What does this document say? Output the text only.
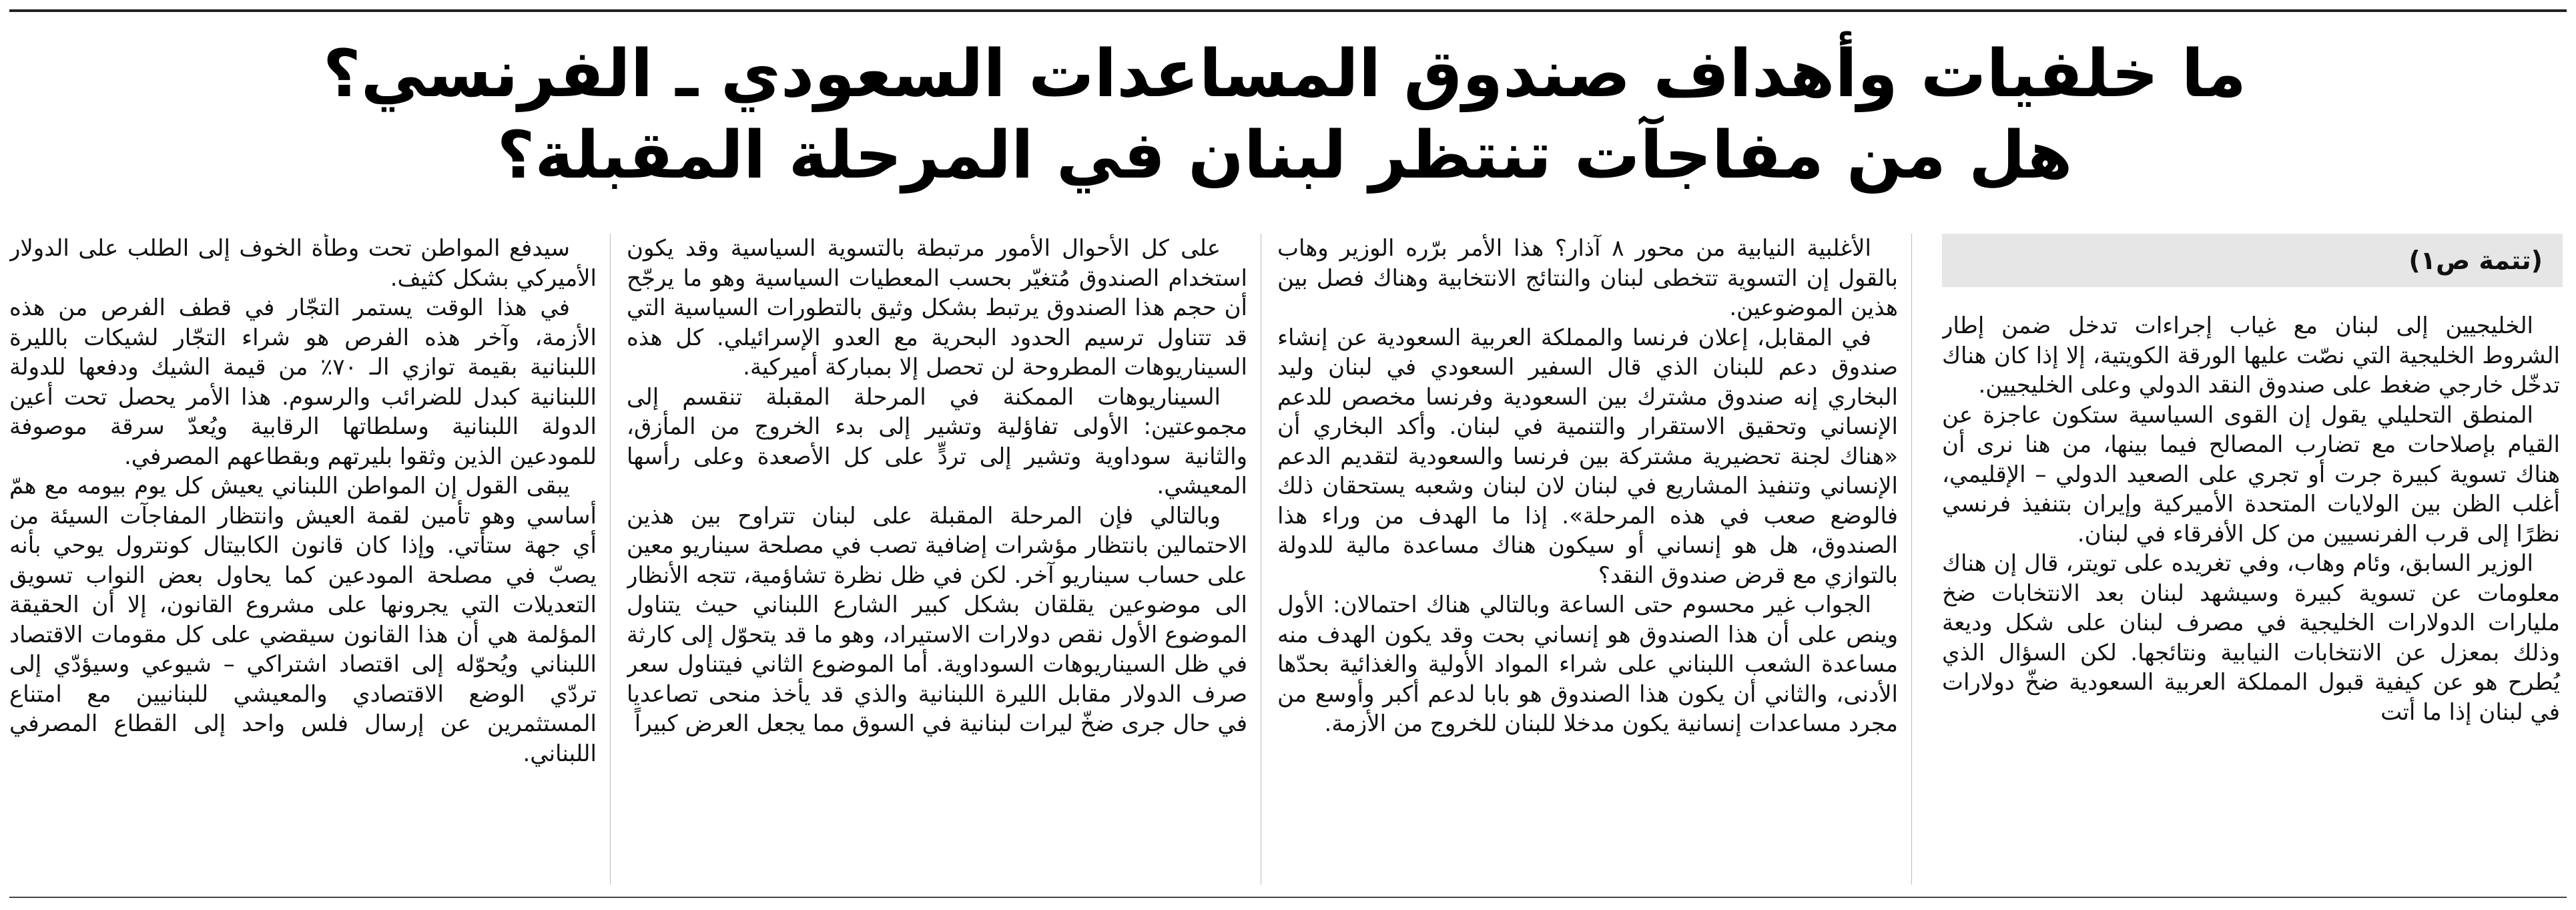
ما خلفيات وأهداف صندوق المساعدات السعودي ـ الفرنسي؟
هل من مفاجآت تنتظر لبنان في المرحلة المقبلة؟
(تتمة ص١)

الخليجيين إلى لبنان مع غياب إجراءات تدخل ضمن إطار الشروط الخليجية التي نصّت عليها الورقة الكويتية، إلا إذا كان هناك تدخّل خارجي ضغط على صندوق النقد الدولي وعلى الخليجيين.

المنطق التحليلي يقول إن القوى السياسية ستكون عاجزة عن القيام بإصلاحات مع تضارب المصالح فيما بينها، من هنا نرى أن هناك تسوية كبيرة جرت أو تجري على الصعيد الدولي – الإقليمي، أغلب الظن بين الولايات المتحدة الأميركية وإيران بتنفيذ فرنسي نظرًا إلى قرب الفرنسيين من كل الأفرقاء في لبنان.

الوزير السابق، وئام وهاب، وفي تغريده على تويتر، قال إن هناك معلومات عن تسوية كبيرة وسيشهد لبنان بعد الانتخابات ضخ مليارات الدولارات الخليجية في مصرف لبنان على شكل وديعة وذلك بمعزل عن الانتخابات النيابية ونتائجها. لكن السؤال الذي يُطرح هو عن كيفية قبول المملكة العربية السعودية ضخّ دولارات في لبنان إذا ما أتت

الأغلبية النيابية من محور ٨ آذار؟ هذا الأمر برّره الوزير وهاب بالقول إن التسوية تتخطى لبنان والنتائج الانتخابية وهناك فصل بين هذين الموضوعين.

في المقابل، إعلان فرنسا والمملكة العربية السعودية عن إنشاء صندوق دعم للبنان الذي قال السفير السعودي في لبنان وليد البخاري إنه صندوق مشترك بين السعودية وفرنسا مخصص للدعم الإنساني وتحقيق الاستقرار والتنمية في لبنان. وأكد البخاري أن «هناك لجنة تحضيرية مشتركة بين فرنسا والسعودية لتقديم الدعم الإنساني وتنفيذ المشاريع في لبنان لان لبنان وشعبه يستحقان ذلك فالوضع صعب في هذه المرحلة». إذا ما الهدف من وراء هذا الصندوق، هل هو إنساني أو سيكون هناك مساعدة مالية للدولة بالتوازي مع قرض صندوق النقد؟

الجواب غير محسوم حتى الساعة وبالتالي هناك احتمالان: الأول وينص على أن هذا الصندوق هو إنساني بحت وقد يكون الهدف منه مساعدة الشعب اللبناني على شراء المواد الأولية والغذائية بحدّها الأدنى، والثاني أن يكون هذا الصندوق هو بابا لدعم أكبر وأوسع من مجرد مساعدات إنسانية يكون مدخلا للبنان للخروج من الأزمة.

على كل الأحوال الأمور مرتبطة بالتسوية السياسية وقد يكون استخدام الصندوق مُتغيّر بحسب المعطيات السياسية وهو ما يرجّح أن حجم هذا الصندوق يرتبط بشكل وثيق بالتطورات السياسية التي قد تتناول ترسيم الحدود البحرية مع العدو الإسرائيلي. كل هذه السيناريوهات المطروحة لن تحصل إلا بمباركة أميركية.

السيناريوهات الممكنة في المرحلة المقبلة تنقسم إلى مجموعتين: الأولى تفاؤلية وتشير إلى بدء الخروج من المأزق، والثانية سوداوية وتشير إلى تردٍّ على كل الأصعدة وعلى رأسها المعيشي.

وبالتالي فإن المرحلة المقبلة على لبنان تتراوح بين هذين الاحتمالين بانتظار مؤشرات إضافية تصب في مصلحة سيناريو معين على حساب سيناريو آخر. لكن في ظل نظرة تشاؤمية، تتجه الأنظار الى موضوعين يقلقان بشكل كبير الشارع اللبناني حيث يتناول الموضوع الأول نقص دولارات الاستيراد، وهو ما قد يتحوّل إلى كارثة في ظل السيناريوهات السوداوية. أما الموضوع الثاني فيتناول سعر صرف الدولار مقابل الليرة اللبنانية والذي قد يأخذ منحى تصاعديا في حال جرى ضخّ ليرات لبنانية في السوق مما يجعل العرض كبيراً

سيدفع المواطن تحت وطأة الخوف إلى الطلب على الدولار الأميركي بشكل كثيف.

في هذا الوقت يستمر التجّار في قطف الفرص من هذه الأزمة، وآخر هذه الفرص هو شراء التجّار لشيكات بالليرة اللبنانية بقيمة توازي الـ ٧٠٪ من قيمة الشيك ودفعها للدولة اللبنانية كبدل للضرائب والرسوم. هذا الأمر يحصل تحت أعين الدولة اللبنانية وسلطاتها الرقابية ويُعدّ سرقة موصوفة للمودعين الذين وثقوا بليرتهم وبقطاعهم المصرفي.

يبقى القول إن المواطن اللبناني يعيش كل يوم بيومه مع همّ أساسي وهو تأمين لقمة العيش وانتظار المفاجآت السيئة من أي جهة ستأتي. وإذا كان قانون الكابيتال كونترول يوحي بأنه يصبّ في مصلحة المودعين كما يحاول بعض النواب تسويق التعديلات التي يجرونها على مشروع القانون، إلا أن الحقيقة المؤلمة هي أن هذا القانون سيقضي على كل مقومات الاقتصاد اللبناني ويُحوّله إلى اقتصاد اشتراكي – شيوعي وسيؤدّي إلى تردّي الوضع الاقتصادي والمعيشي للبنانيين مع امتناع المستثمرين عن إرسال فلس واحد إلى القطاع المصرفي اللبناني.
